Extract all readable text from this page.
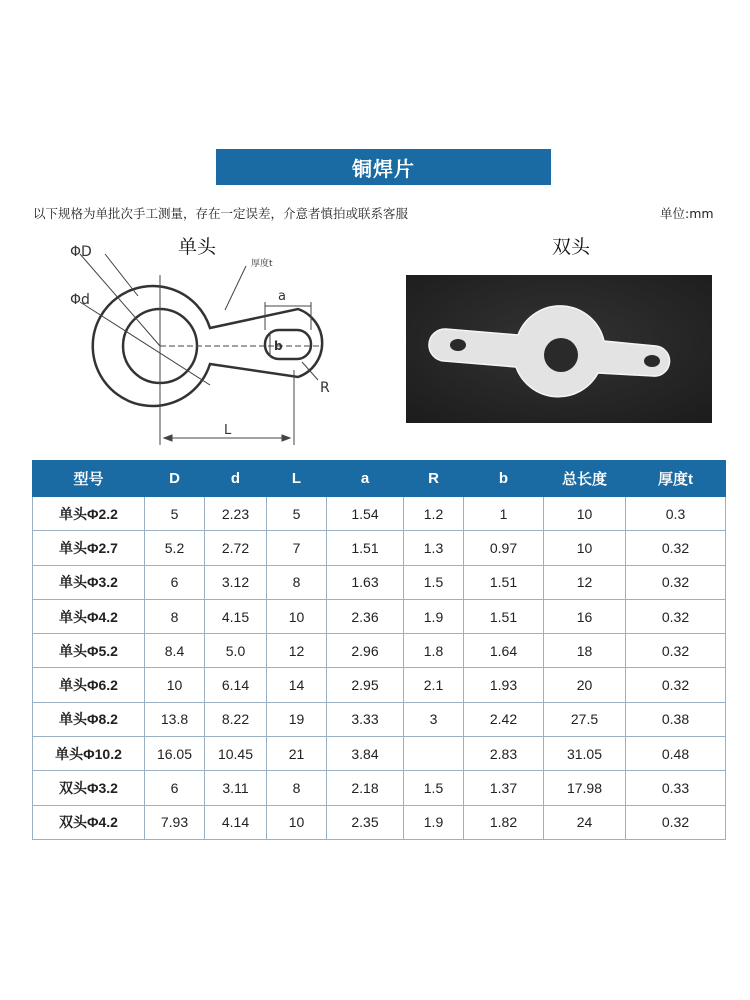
铜焊片
以下规格为单批次手工测量，存在一定误差，介意者慎拍或联系客服	单位:mm
单头	双头
ΦD
Φd
厚度t
a
b
R
L
型号	D	d	L	a	R	b	总长度	厚度t
单头Φ2.2	5	2.23	5	1.54	1.2	1	10	0.3
单头Φ2.7	5.2	2.72	7	1.51	1.3	0.97	10	0.32
单头Φ3.2	6	3.12	8	1.63	1.5	1.51	12	0.32
单头Φ4.2	8	4.15	10	2.36	1.9	1.51	16	0.32
单头Φ5.2	8.4	5.0	12	2.96	1.8	1.64	18	0.32
单头Φ6.2	10	6.14	14	2.95	2.1	1.93	20	0.32
单头Φ8.2	13.8	8.22	19	3.33	3	2.42	27.5	0.38
单头Φ10.2	16.05	10.45	21	3.84		2.83	31.05	0.48
双头Φ3.2	6	3.11	8	2.18	1.5	1.37	17.98	0.33
双头Φ4.2	7.93	4.14	10	2.35	1.9	1.82	24	0.32
